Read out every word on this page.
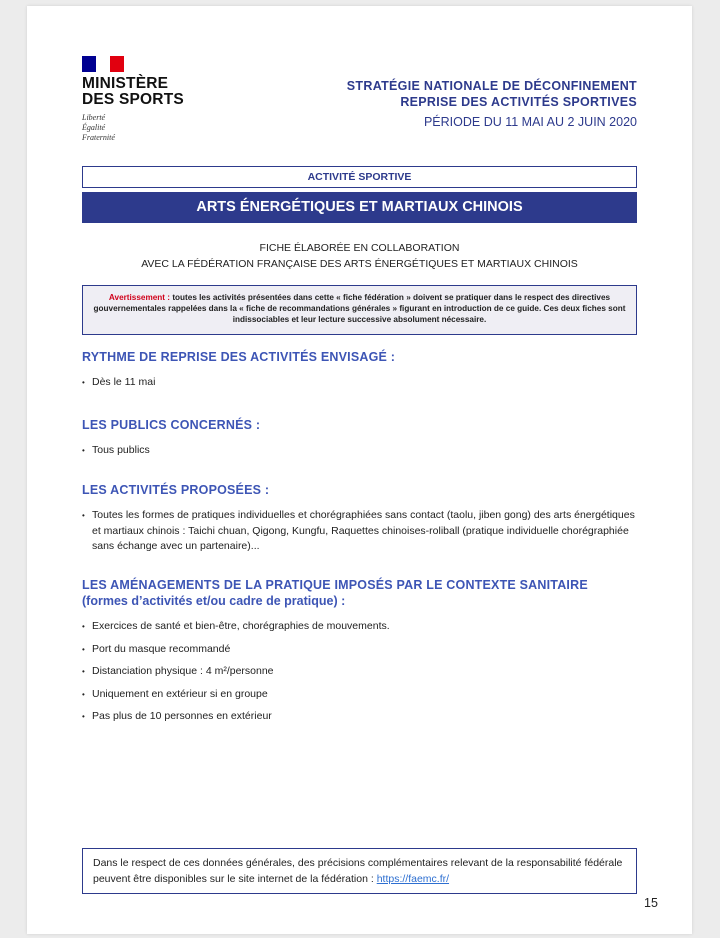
MINISTÈRE
DES SPORTS
Liberté
Égalité
Fraternité
STRATÉGIE NATIONALE DE DÉCONFINEMENT
REPRISE DES ACTIVITÉS SPORTIVES
PÉRIODE DU 11 MAI AU 2 JUIN 2020
ACTIVITÉ SPORTIVE
ARTS ÉNERGÉTIQUES ET MARTIAUX CHINOIS
FICHE ÉLABORÉE EN COLLABORATION
AVEC LA FÉDÉRATION FRANÇAISE DES ARTS ÉNERGÉTIQUES ET MARTIAUX CHINOIS
Avertissement : toutes les activités présentées dans cette « fiche fédération » doivent se pratiquer dans le respect des directives gouvernementales rappelées dans la « fiche de recommandations générales » figurant en introduction de ce guide. Ces deux fiches sont indissociables et leur lecture successive absolument nécessaire.
RYTHME DE REPRISE DES ACTIVITÉS ENVISAGÉ :
• Dès le 11 mai
LES PUBLICS CONCERNÉS :
• Tous publics
LES ACTIVITÉS PROPOSÉES :
• Toutes les formes de pratiques individuelles et chorégraphiées sans contact (taolu, jiben gong) des arts énergétiques et martiaux chinois : Taichi chuan, Qigong, Kungfu, Raquettes chinoises-roliball (pratique individuelle chorégraphiée sans échange avec un partenaire)...
LES AMÉNAGEMENTS DE LA PRATIQUE IMPOSÉS PAR LE CONTEXTE SANITAIRE
(formes d’activités et/ou cadre de pratique) :
• Exercices de santé et bien-être, chorégraphies de mouvements.
• Port du masque recommandé
• Distanciation physique : 4 m²/personne
• Uniquement en extérieur si en groupe
• Pas plus de 10 personnes en extérieur
Dans le respect de ces données générales, des précisions complémentaires relevant de la responsabilité fédérale peuvent être disponibles sur le site internet de la fédération : https://faemc.fr/
15
